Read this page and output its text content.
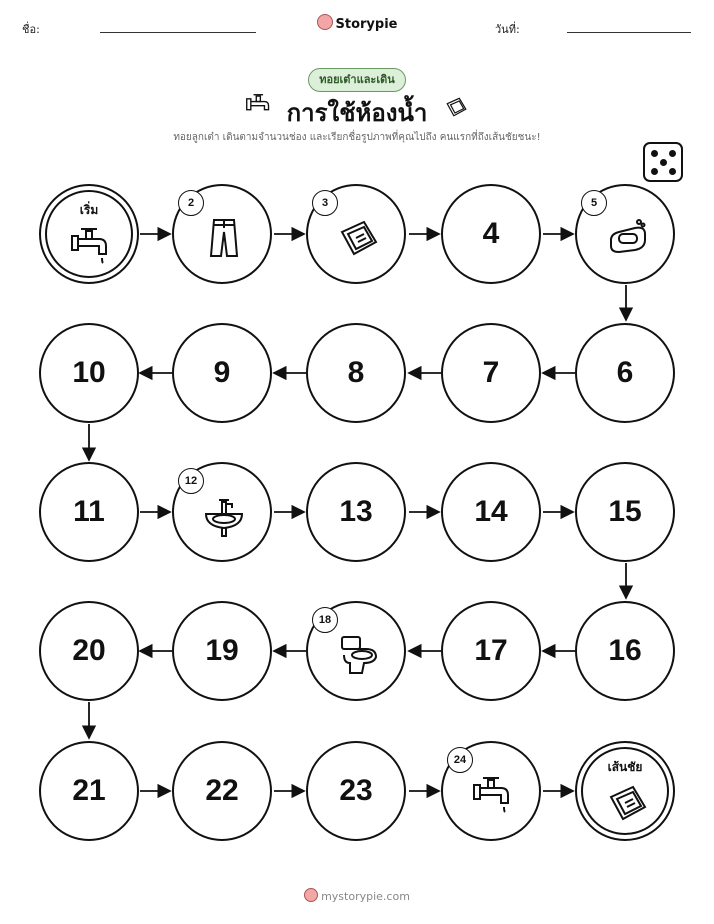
ชื่อ:	Storypie	วันที่:
ทอยเต๋าและเดิน
การใช้ห้องน้ำ
ทอยลูกเต๋า เดินตามจำนวนช่อง และเรียกชื่อรูปภาพที่คุณไปถึง คนแรกที่ถึงเส้นชัยชนะ!
เริ่ม	2	3
4
5
6
7
8
9
10
11
12
13	14	15
16
17
18
19
20
21	22	23
24	เส้นชัย
mystorypie.com
